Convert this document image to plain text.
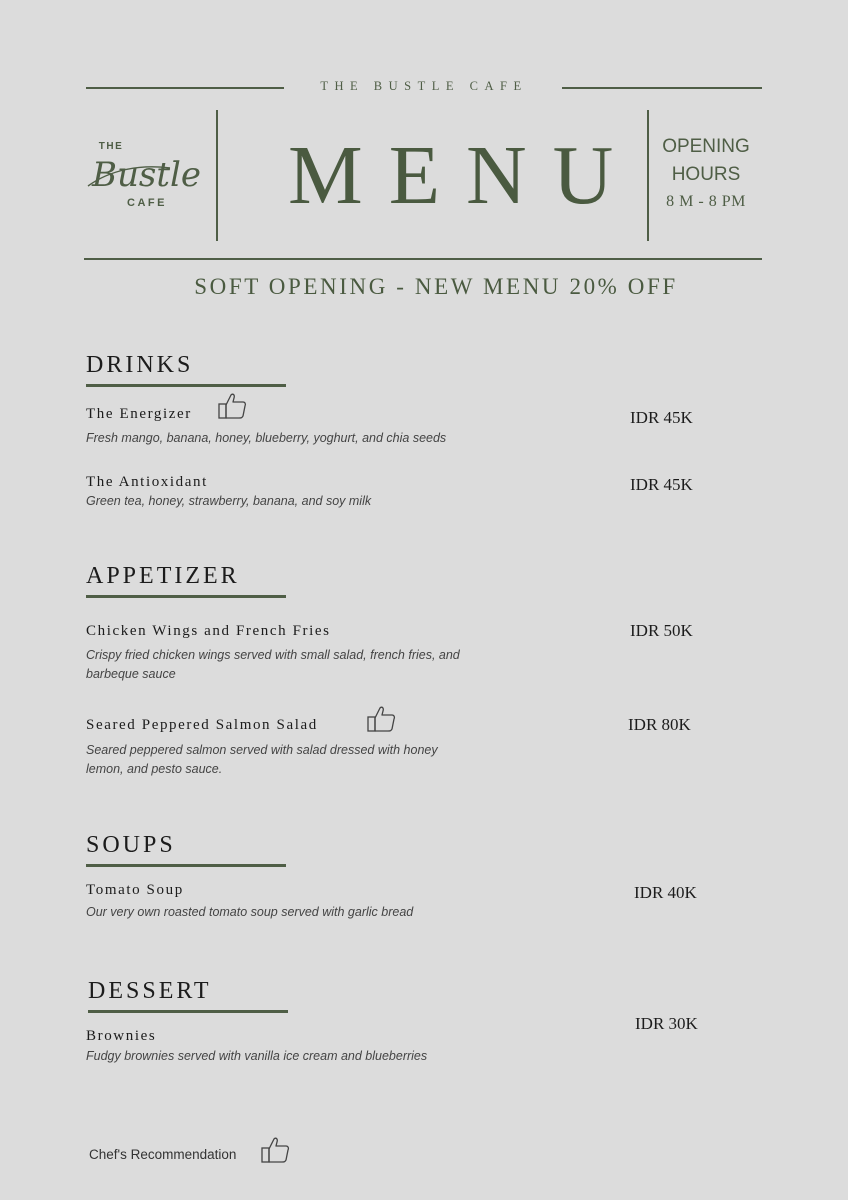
THE BUSTLE CAFE
THE
Bustle
CAFE	MENU	OPENING
HOURS
8 M - 8 PM
SOFT OPENING - NEW MENU 20% OFF
DRINKS
The Energizer
Fresh mango, banana, honey, blueberry, yoghurt, and chia seeds
IDR 45K
The Antioxidant
Green tea, honey, strawberry, banana, and soy milk
IDR 45K
APPETIZER
Chicken Wings and French Fries
Crispy fried chicken wings served with small salad, french fries, and barbeque sauce
IDR 50K
Seared Peppered Salmon Salad
Seared peppered salmon served with salad dressed with honey lemon, and pesto sauce.
IDR 80K
SOUPS
Tomato Soup
Our very own roasted tomato soup served with garlic bread
IDR 40K
DESSERT
Brownies
Fudgy brownies served with vanilla ice cream and blueberries
IDR 30K
Chef's Recommendation
